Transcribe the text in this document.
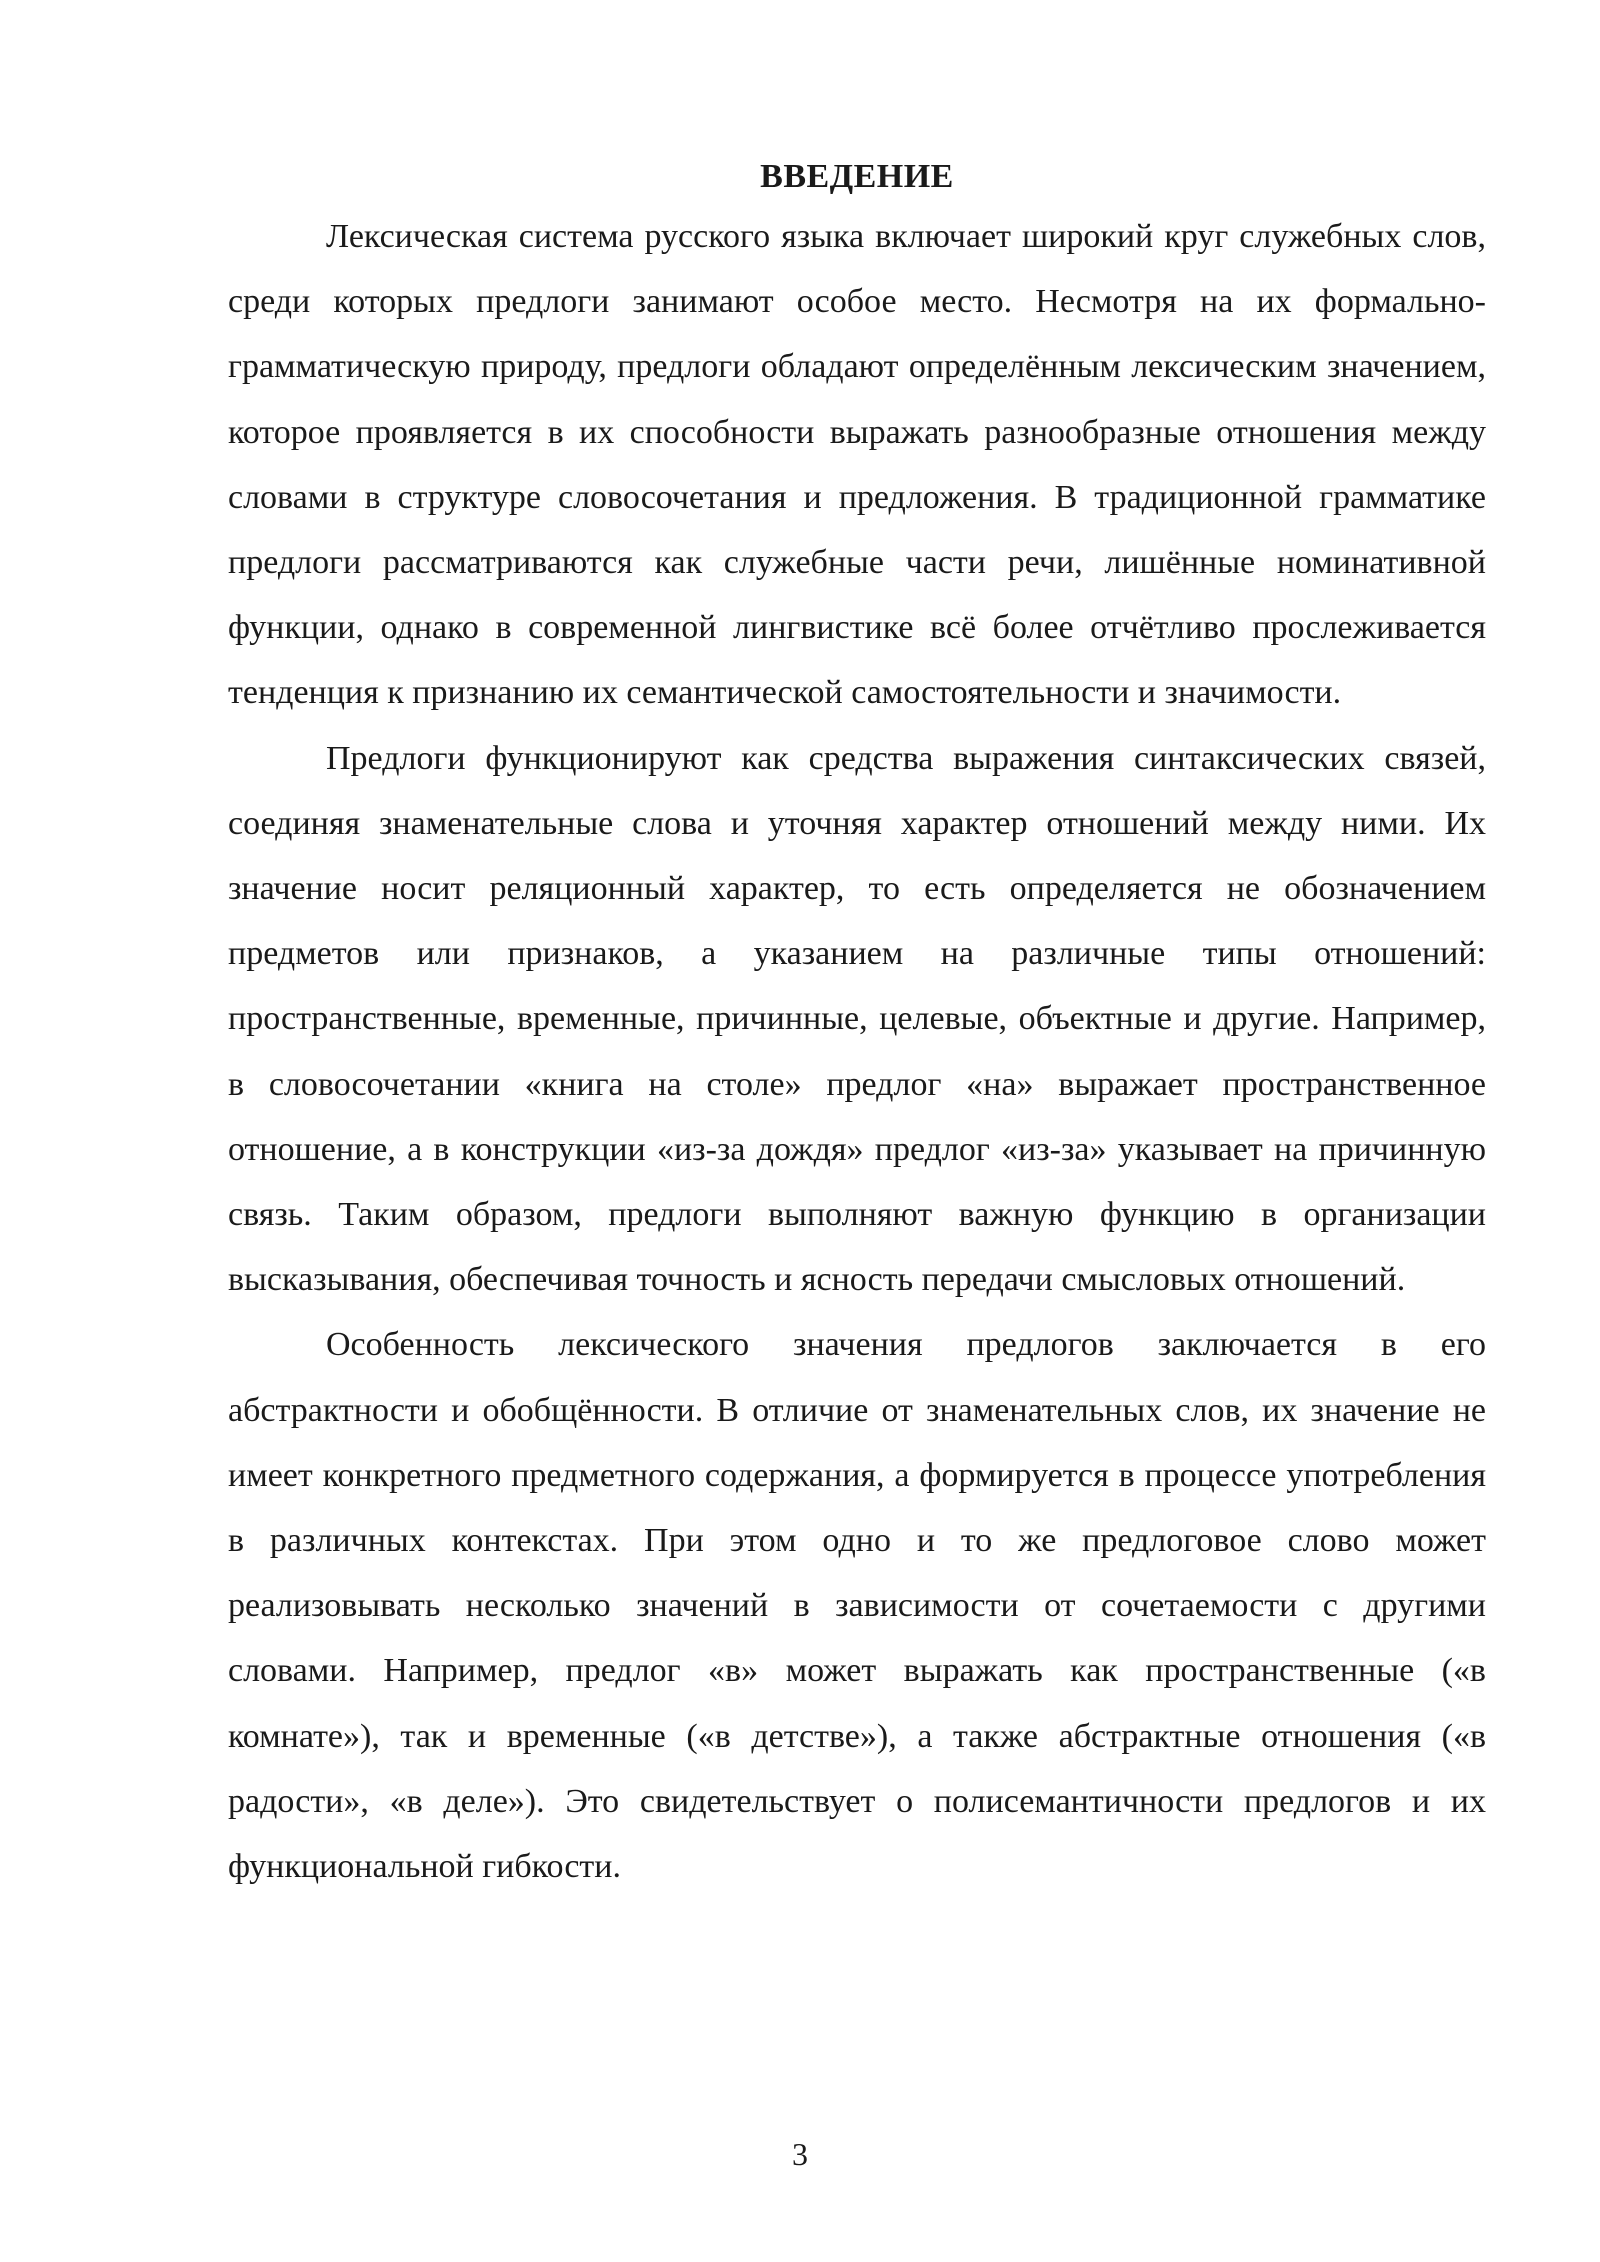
ВВЕДЕНИЕ

Лексическая система русского языка включает широкий круг служебных слов, среди которых предлоги занимают особое место. Несмотря на их формально-грамматическую природу, предлоги обладают определённым лексическим значением, которое проявляется в их способности выражать разнообразные отношения между словами в структуре словосочетания и предложения. В традиционной грамматике предлоги рассматриваются как служебные части речи, лишённые номинативной функции, однако в современной лингвистике всё более отчётливо прослеживается тенденция к признанию их семантической самостоятельности и значимости.

Предлоги функционируют как средства выражения синтаксических связей, соединяя знаменательные слова и уточняя характер отношений между ними. Их значение носит реляционный характер, то есть определяется не обозначением предметов или признаков, а указанием на различные типы отношений: пространственные, временные, причинные, целевые, объектные и другие. Например, в словосочетании «книга на столе» предлог «на» выражает пространственное отношение, а в конструкции «из-за дождя» предлог «из-за» указывает на причинную связь. Таким образом, предлоги выполняют важную функцию в организации высказывания, обеспечивая точность и ясность передачи смысловых отношений.

Особенность лексического значения предлогов заключается в его абстрактности и обобщённости. В отличие от знаменательных слов, их значение не имеет конкретного предметного содержания, а формируется в процессе употребления в различных контекстах. При этом одно и то же предлоговое слово может реализовывать несколько значений в зависимости от сочетаемости с другими словами. Например, предлог «в» может выражать как пространственные («в комнате»), так и временные («в детстве»), а также абстрактные отношения («в радости», «в деле»). Это свидетельствует о полисемантичности предлогов и их функциональной гибкости.

3
